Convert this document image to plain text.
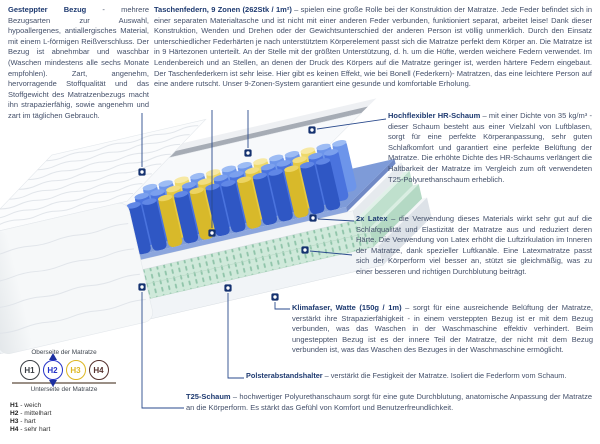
Gesteppter Bezug - mehrere Bezugsarten zur Auswahl, hypoallergenes, antiallergisches Material, mit einem L-förmigen Reißverschluss. Der Bezug ist abnehmbar und waschbar (Waschen mindestens alle sechs Monate empfohlen). Zart, angenehm, hervorragende Stoffqualität und das Stoffgewicht des Matratzenbezugs macht ihn strapazierfähig, sowie angenehm und zart im täglichen Gebrauch.
Taschenfedern, 9 Zonen (262Stk / 1m²) – spielen eine große Rolle bei der Konstruktion der Matratze. Jede Feder befindet sich in einer separaten Materialtasche und ist nicht mit einer anderen Feder verbunden, funktioniert separat, arbeitet leise! Dank dieser Konstruktion, Wenden und Drehen oder der Gewichtsunterschied der anderen Person ist völlig unmerklich. Durch den Einsatz unterschiedlicher Federhärten je nach unterstütztem Körperelement passt sich die Matratze perfekt dem Körper an. Die Matratze ist in 9 Härtezonen unterteilt. An der Stelle mit der größten Unterstützung, d. h. um die Hüfte, werden weichere Federn verwendet. Im Lendenbereich und an Stellen, an denen der Druck des Körpers auf die Matratze geringer ist, werden härtere Federn eingebaut. Der Taschenfederkern ist sehr leise. Hier gibt es keinen Effekt, wie bei Bonell (Federkern)- Matratzen, das eine leichtere Person auf eine andere rutscht. Unser 9-Zonen-System garantiert eine gesunde und komfortable Erholung.
Hochflexibler HR-Schaum – mit einer Dichte von 35 kg/m³ - dieser Schaum besteht aus einer Vielzahl von Luftblasen, sorgt für eine perfekte Körperanpassung, sehr guten Schlafkomfort und garantiert eine perfekte Belüftung der Matratze. Die erhöhte Dichte des HR-Schaums verlängert die Haltbarkeit der Matratze im Vergleich zum oft verwendeten T25-Polyurethanschaum erheblich.
2x Latex – die Verwendung dieses Materials wirkt sehr gut auf die Schlafqualität und Elastizität der Matratze aus und reduziert deren Härte. Die Verwendung von Latex erhöht die Luftzirkulation im Inneren der Matratze, dank spezieller Luftkanäle. Eine Latexmatratze passt sich der Körperform viel besser an, stützt sie gleichmäßig, was zu einer besseren und richtigen Durchblutung beiträgt.
Klimafaser, Watte (150g / 1m) – sorgt für eine ausreichende Belüftung der Matratze, verstärkt ihre Strapazierfähigkeit - in einem versteppten Bezug ist er mit dem Bezug verbunden, was das Waschen in der Waschmaschine effektiv verhindert. Beim ungesteppten Bezug ist es der innere Teil der Matratze, der nicht mit dem Bezug verbunden ist, was das Waschen des Bezuges in der Waschmaschine ermöglicht.
Polsterabstandshalter – verstärkt die Festigkeit der Matratze. Isoliert die Federform vom Schaum.
T25-Schaum – hochwertiger Polyurethanschaum sorgt für eine gute Durchblutung, anatomische Anpassung der Matratze an die Körperform. Es stärkt das Gefühl von Komfort und Benutzerfreundlichkeit.
Oberseite der Matratze
H1	H2	H3	H4
Unterseite der Matratze
H1 - weich
H2 - mittelhart
H3 - hart
H4 - sehr hart
